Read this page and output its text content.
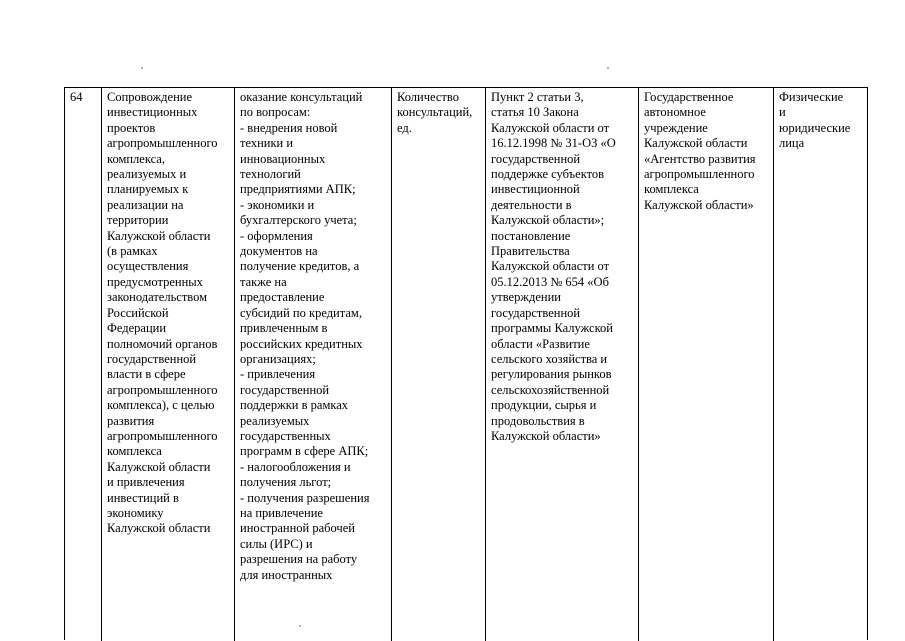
64	Сопровождение
инвестиционных
проектов
агропромышленного
комплекса,
реализуемых и
планируемых к
реализации на
территории
Калужской области
(в рамках
осуществления
предусмотренных
законодательством
Российской
Федерации
полномочий органов
государственной
власти в сфере
агропромышленного
комплекса), с целью
развития
агропромышленного
комплекса
Калужской области
и привлечения
инвестиций в
экономику
Калужской области
оказание консультаций
по вопросам:
- внедрения новой
техники и
инновационных
технологий
предприятиями АПК;
- экономики и
бухгалтерского учета;
- оформления
документов на
получение кредитов, а
также на
предоставление
субсидий по кредитам,
привлеченным в
российских кредитных
организациях;
- привлечения
государственной
поддержки в рамках
реализуемых
государственных
программ в сфере АПК;
- налогообложения и
получения льгот;
- получения разрешения
на привлечение
иностранной рабочей
силы (ИРС) и
разрешения на работу
для иностранных
Количество
консультаций,
ед.
Пункт 2 статьи 3,
статья 10 Закона
Калужской области от
16.12.1998 № 31-ОЗ «О
государственной
поддержке субъектов
инвестиционной
деятельности в
Калужской области»;
постановление
Правительства
Калужской области от
05.12.2013 № 654 «Об
утверждении
государственной
программы Калужской
области «Развитие
сельского хозяйства и
регулирования рынков
сельскохозяйственной
продукции, сырья и
продовольствия в
Калужской области»
Государственное
автономное
учреждение
Калужской области
«Агентство развития
агропромышленного
комплекса
Калужской области»
Физические
и
юридические
лица
